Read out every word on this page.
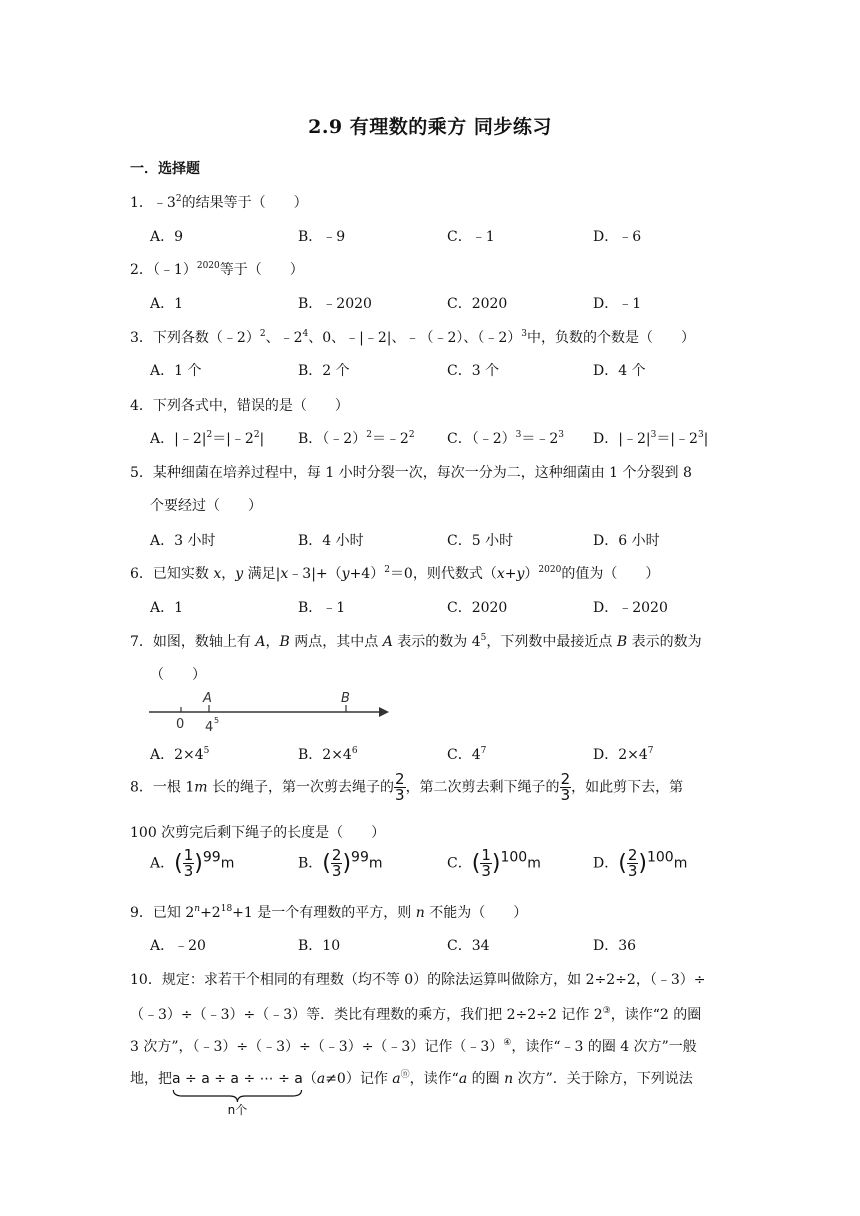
2.9 有理数的乘方 同步练习
一．选择题
1．$﹣3^2$的结果等于（　　）
A．9	B．﹣9	C．﹣1	D．﹣6
2．（﹣1）$^{2020}$等于（　　）
A．1	B．﹣2020	C．2020	D．﹣1
3．下列各数（﹣2）$^2$、$﹣2^4$、0、﹣|﹣2|、﹣（﹣2）、（﹣2）$^3$中，负数的个数是（　　）
A．1 个	B．2 个	C．3 个	D．4 个
4．下列各式中，错误的是（　　）
A．$|﹣2|^2=|﹣2^2|$ B．$(﹣2)^2=﹣2^2$ C．$(﹣2)^3=﹣2^3$ D．$|﹣2|^3=|﹣2^3|$
5．某种细菌在培养过程中，每 1 小时分裂一次，每次一分为二，这种细菌由 1 个分裂到 8
个要经过（　　）
A．3 小时	B．4 小时	C．5 小时	D．6 小时
6．已知实数 x，y 满足$|x﹣3|+(y+4)^2=0$，则代数式$(x+y)^{2020}$的值为（　　）
A．1	B．﹣1	C．2020	D．﹣2020
7．如图，数轴上有 A，B 两点，其中点 A 表示的数为 $4^5$，下列数中最接近点 B 表示的数为
（　　）
A	B
0 4 5
A．$2\times 4^5$	B．$2\times 4^6$	C．$4^7$	D．$2\times 4^7$
8．一根 1m 长的绳子，第一次剪去绳子的 $\frac{2}{3}$ ，第二次剪去剩下绳子的 $\frac{2}{3}$ ，如此剪下去，第
100 次剪完后剩下绳子的长度是（　　）
A．( $\frac{1}{3} )^{99}m$	B．( $\frac{2}{3} )^{99}m$	C．( $\frac{1}{3} )^{100}m$	D．( $\frac{2}{3} )^{100}m$
9．已知 $2^n+2^{18}+1$ 是一个有理数的平方，则 n 不能为（　　）
A．﹣20	B．10	C．34	D．36
10．规定：求若干个相同的有理数（均不等 0）的除法运算叫做除方，如 2÷2÷2，（﹣3）÷
（﹣3）÷（﹣3）÷（﹣3）等．类比有理数的乘方，我们把 2÷2÷2 记作 2③，读作“2 的圈
3 次方”，（﹣3）÷（﹣3）÷（﹣3）÷（﹣3）记作（﹣3）④，读作“﹣3 的圈 4 次方”一般
地，把a ÷ a ÷ a ÷ ⋯ ÷ a
n个
（a≠0）记作 aⓝ，读作“a 的圈 n 次方”．关于除方，下列说法
